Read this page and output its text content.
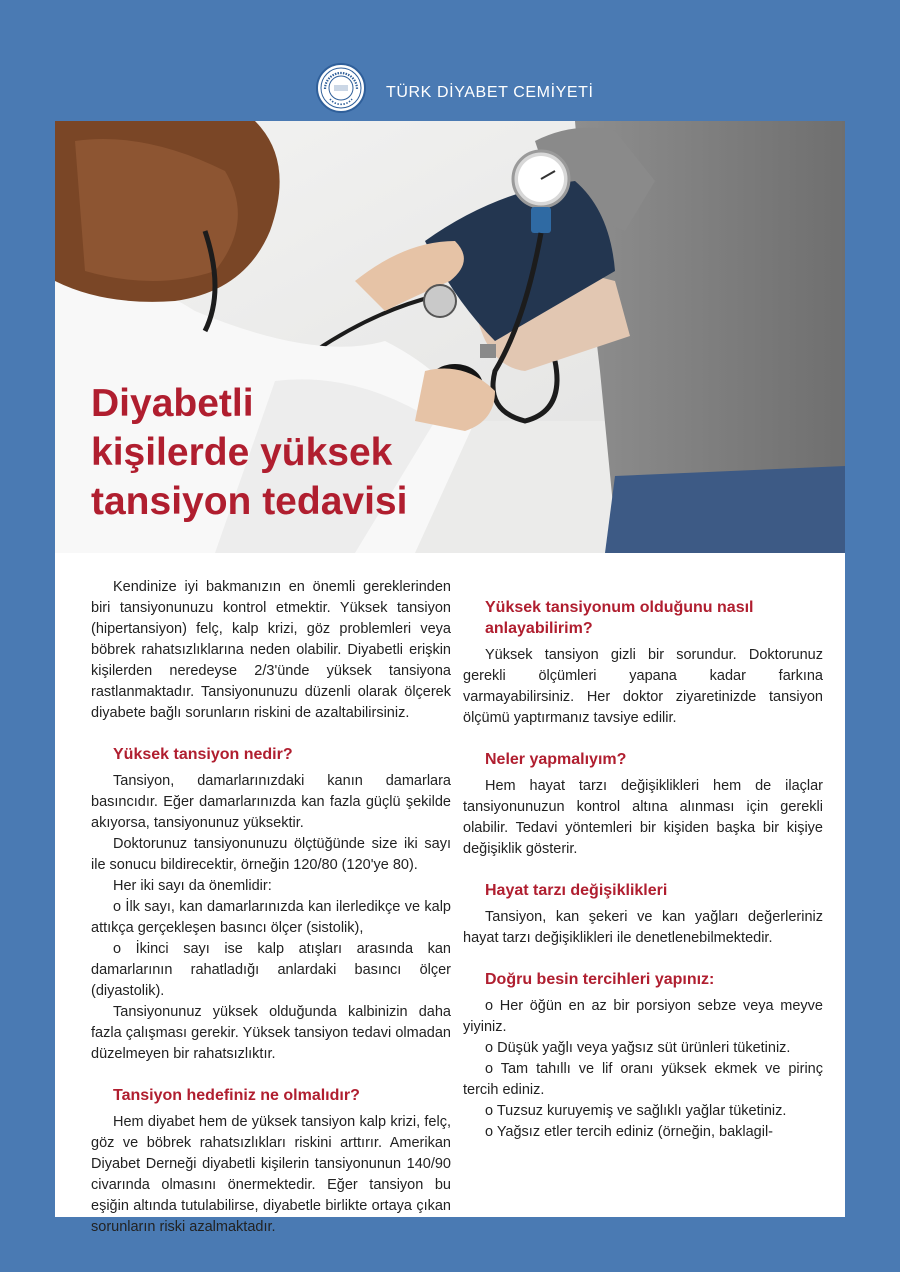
TÜRK DİYABET CEMİYETİ
Diyabetli
kişilerde yüksek
tansiyon tedavisi

Kendinize iyi bakmanızın en önemli gereklerinden biri tansiyonunuzu kontrol etmektir. Yüksek tansiyon (hipertansiyon) felç, kalp krizi, göz problemleri veya böbrek rahatsızlıklarına neden olabilir. Diyabetli erişkin kişilerden neredeyse 2/3'ünde yüksek tansiyona rastlanmaktadır. Tansiyonunuzu düzenli olarak ölçerek diyabete bağlı sorunların riskini de azaltabilirsiniz.

Yüksek tansiyon nedir?

Tansiyon, damarlarınızdaki kanın damarlara basıncıdır. Eğer damarlarınızda kan fazla güçlü şekilde akıyorsa, tansiyonunuz yüksektir.

Doktorunuz tansiyonunuzu ölçtüğünde size iki sayı ile sonucu bildirecektir, örneğin 120/80 (120'ye 80).

Her iki sayı da önemlidir:

o İlk sayı, kan damarlarınızda kan ilerledikçe ve kalp attıkça gerçekleşen basıncı ölçer (sistolik),

o İkinci sayı ise kalp atışları arasında kan damarlarının rahatladığı anlardaki basıncı ölçer (diyastolik).

Tansiyonunuz yüksek olduğunda kalbinizin daha fazla çalışması gerekir. Yüksek tansiyon tedavi olmadan düzelmeyen bir rahatsızlıktır.

Tansiyon hedefiniz ne olmalıdır?

Hem diyabet hem de yüksek tansiyon kalp krizi, felç, göz ve böbrek rahatsızlıkları riskini arttırır. Amerikan Diyabet Derneği diyabetli kişilerin tansiyonunun 140/90 civarında olmasını önermektedir. Eğer tansiyon bu eşiğin altında tutulabilirse, diyabetle birlikte ortaya çıkan sorunların riski azalmaktadır.

Yüksek tansiyonum olduğunu nasıl anlayabilirim?

Yüksek tansiyon gizli bir sorundur. Doktorunuz gerekli ölçümleri yapana kadar farkına varmayabilirsiniz. Her doktor ziyaretinizde tansiyon ölçümü yaptırmanız tavsiye edilir.

Neler yapmalıyım?

Hem hayat tarzı değişiklikleri hem de ilaçlar tansiyonunuzun kontrol altına alınması için gerekli olabilir. Tedavi yöntemleri bir kişiden başka bir kişiye değişiklik gösterir.

Hayat tarzı değişiklikleri

Tansiyon, kan şekeri ve kan yağları değerleriniz hayat tarzı değişiklikleri ile denetlenebilmektedir.

Doğru besin tercihleri yapınız:

o Her öğün en az bir porsiyon sebze veya meyve yiyiniz.

o Düşük yağlı veya yağsız süt ürünleri tüketiniz.

o Tam tahıllı ve lif oranı yüksek ekmek ve pirinç tercih ediniz.

o Tuzsuz kuruyemiş ve sağlıklı yağlar tüketiniz.

o Yağsız etler tercih ediniz (örneğin, baklagil-
